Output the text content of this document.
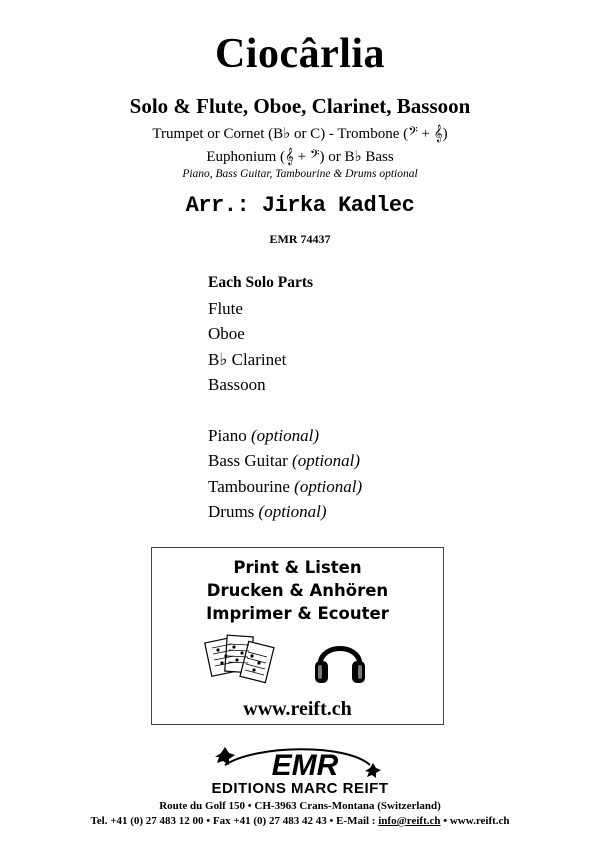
Ciocârlia
Solo & Flute, Oboe, Clarinet, Bassoon
Trumpet or Cornet (B♭ or C) - Trombone (𝄢 + 𝄞)
Euphonium (𝄞 + 𝄢) or B♭ Bass
Piano, Bass Guitar, Tambourine & Drums optional
Arr.: Jirka Kadlec
EMR 74437
Each Solo Parts
Flute
Oboe
B♭ Clarinet
Bassoon
Piano (optional)
Bass Guitar (optional)
Tambourine (optional)
Drums (optional)
Print & Listen
Drucken & Anhören
Imprimer & Ecouter
www.reift.ch
EMR
EDITIONS MARC REIFT
Route du Golf 150 • CH-3963 Crans-Montana (Switzerland)
Tel. +41 (0) 27 483 12 00 • Fax +41 (0) 27 483 42 43 • E-Mail : info@reift.ch • www.reift.ch
